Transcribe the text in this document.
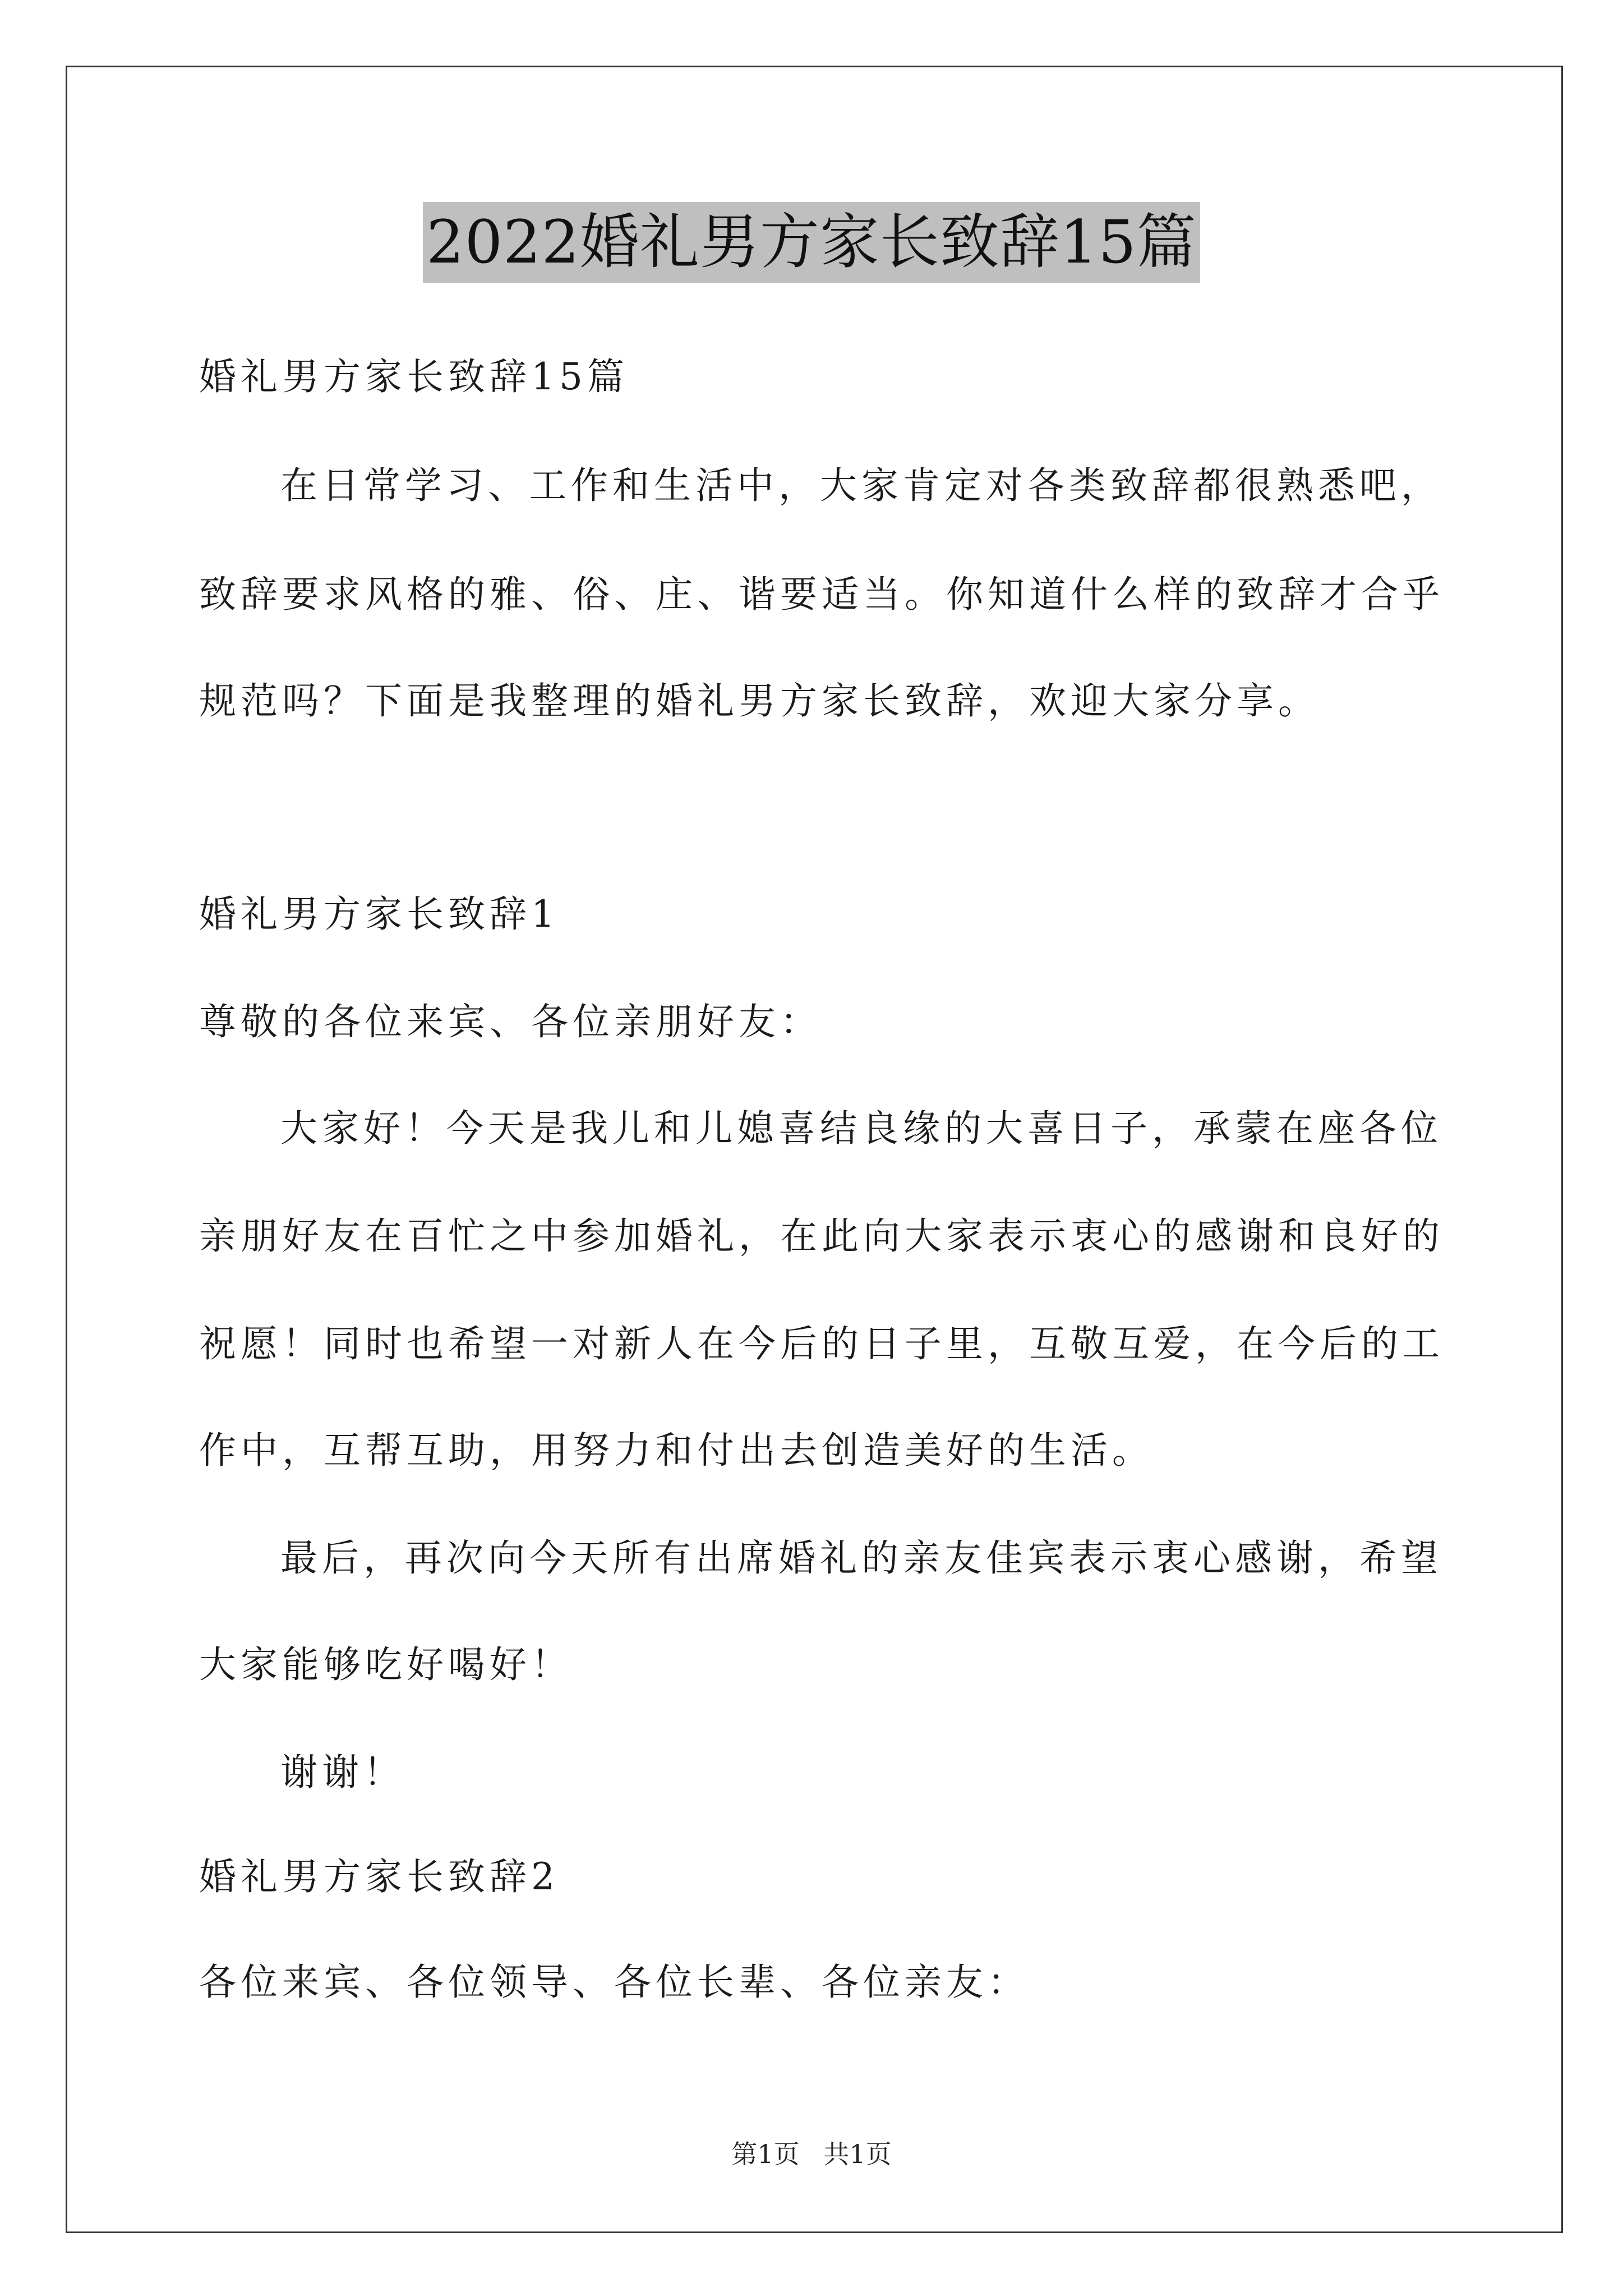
2022婚礼男方家长致辞15篇
婚礼男方家长致辞15篇
在日常学习、工作和生活中，大家肯定对各类致辞都很熟悉吧，
致辞要求风格的雅、俗、庄、谐要适当。你知道什么样的致辞才合乎
规范吗？下面是我整理的婚礼男方家长致辞，欢迎大家分享。
婚礼男方家长致辞1
尊敬的各位来宾、各位亲朋好友：
大家好！今天是我儿和儿媳喜结良缘的大喜日子，承蒙在座各位
亲朋好友在百忙之中参加婚礼，在此向大家表示衷心的感谢和良好的
祝愿！同时也希望一对新人在今后的日子里，互敬互爱，在今后的工
作中，互帮互助，用努力和付出去创造美好的生活。
最后，再次向今天所有出席婚礼的亲友佳宾表示衷心感谢，希望
大家能够吃好喝好！
谢谢！
婚礼男方家长致辞2
各位来宾、各位领导、各位长辈、各位亲友：
第1页 共1页
